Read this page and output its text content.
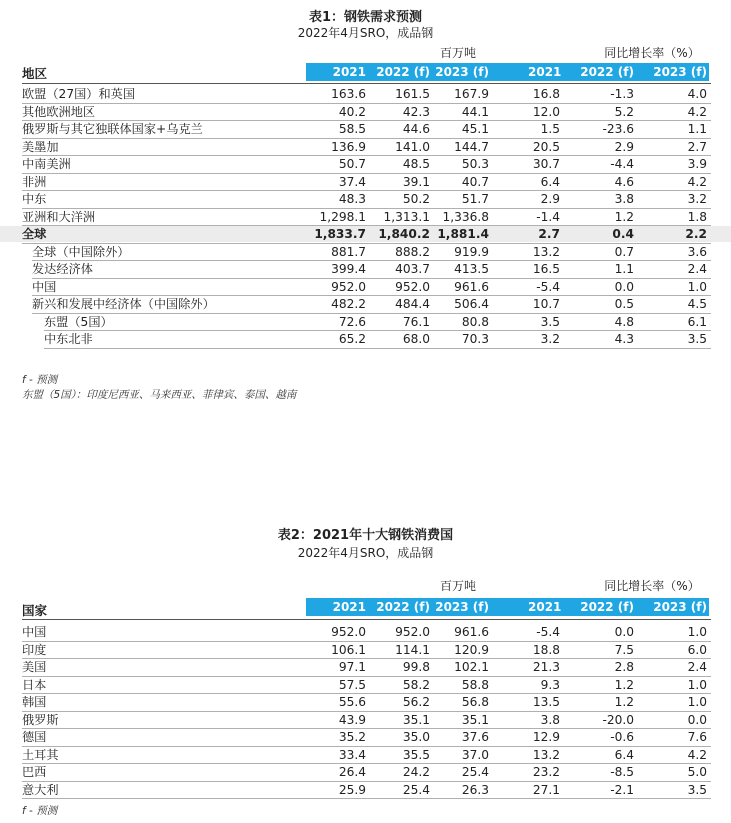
表1：钢铁需求预测
2022年4月SRO，成品钢
百万吨	同比增长率（%）
地区	2021 2022 (f) 2023 (f)	2021	2022 (f)	2023 (f)
欧盟（27国）和英国	163.6	161.5	167.9	16.8	-1.3	4.0
其他欧洲地区	40.2	42.3	44.1	12.0	5.2	4.2
俄罗斯与其它独联体国家+乌克兰	58.5	44.6	45.1	1.5	-23.6	1.1
美墨加	136.9	141.0	144.7	20.5	2.9	2.7
中南美洲	50.7	48.5	50.3	30.7	-4.4	3.9
非洲	37.4	39.1	40.7	6.4	4.6	4.2
中东	48.3	50.2	51.7	2.9	3.8	3.2
亚洲和大洋洲	1,298.1	1,313.1	1,336.8	-1.4	1.2	1.8
全球	1,833.7	1,840.2 1,881.4	2.7	0.4	2.2
全球（中国除外）	881.7	888.2	919.9	13.2	0.7	3.6
发达经济体	399.4	403.7	413.5	16.5	1.1	2.4
中国	952.0	952.0	961.6	-5.4	0.0	1.0
新兴和发展中经济体（中国除外）	482.2	484.4	506.4	10.7	0.5	4.5
东盟（5国）	72.6	76.1	80.8	3.5	4.8	6.1
中东北非	65.2	68.0	70.3	3.2	4.3	3.5
f - 预测
东盟（5国）：印度尼西亚、马来西亚、菲律宾、泰国、越南
表2：2021年十大钢铁消费国
2022年4月SRO，成品钢
百万吨	同比增长率（%）
国家	2021 2022 (f) 2023 (f)	2021	2022 (f)	2023 (f)
中国	952.0	952.0	961.6	-5.4	0.0	1.0
印度	106.1	114.1	120.9	18.8	7.5	6.0
美国	97.1	99.8	102.1	21.3	2.8	2.4
日本	57.5	58.2	58.8	9.3	1.2	1.0
韩国	55.6	56.2	56.8	13.5	1.2	1.0
俄罗斯	43.9	35.1	35.1	3.8	-20.0	0.0
德国	35.2	35.0	37.6	12.9	-0.6	7.6
土耳其	33.4	35.5	37.0	13.2	6.4	4.2
巴西	26.4	24.2	25.4	23.2	-8.5	5.0
意大利	25.9	25.4	26.3	27.1	-2.1	3.5
f - 预测
